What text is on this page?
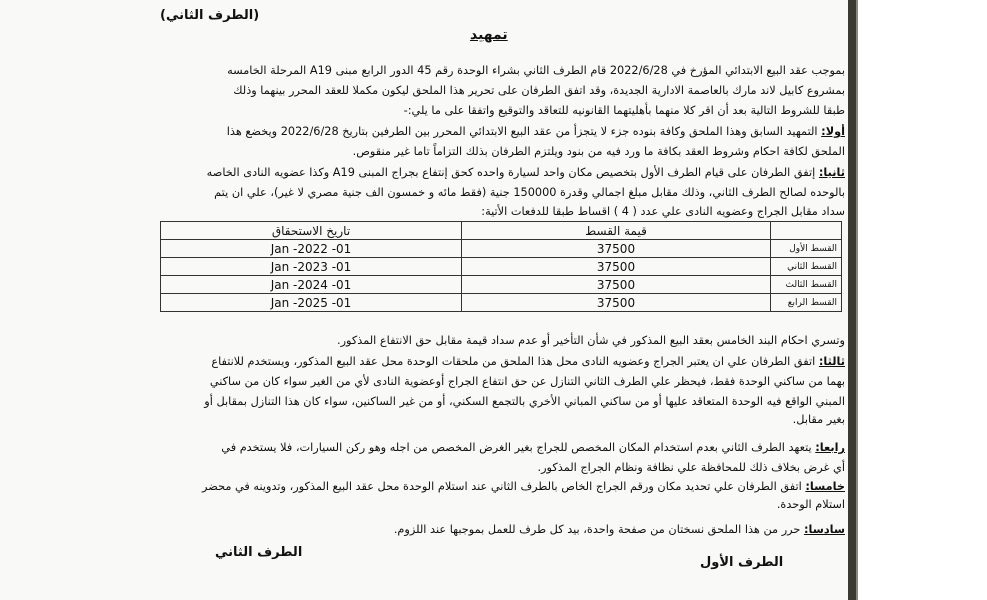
(الطرف الثاني)
تمهيد
بموجب عقد البيع الابتدائي المؤرخ في 2022/6/28 قام الطرف الثاني بشراء الوحدة رقم 45 الدور الرابع مبنى A19 المرحلة الخامسه
بمشروع كابيل لاند مارك بالعاصمة الادارية الجديدة، وقد اتفق الطرفان على تحرير هذا الملحق ليكون مكملا للعقد المحرر بينهما وذلك
طبقا للشروط التالية بعد أن اقر كلا منهما بأهليتهما القانونيه للتعاقد والتوقيع واتفقا على ما يلي:-
أولا: التمهيد السابق وهذا الملحق وكافة بنوده جزء لا يتجزأ من عقد البيع الابتدائي المحرر بين الطرفين بتاريخ 2022/6/28 ويخضع هذا
الملحق لكافة احكام وشروط العقد بكافة ما ورد فيه من بنود ويلتزم الطرفان بذلك التزاماً تاما غير منقوص.
ثانيا: إتفق الطرفان على قيام الطرف الأول بتخصيص مكان واحد لسيارة واحده كحق إنتفاع بجراج المبنى A19 وكذا عضويه النادى الخاصه
بالوحده لصالح الطرف الثاني، وذلك مقابل مبلغ اجمالي وقدرة 150000 جنية (فقط مائه و خمسون الف جنية مصري لا غير)، علي ان يتم
سداد مقابل الجراج وعضويه النادى علي عدد ( 4 ) اقساط طبقا للدفعات الأتية:
	قيمة القسط	تاريخ الاستحقاق
القسط الأول	37500	01- Jan -2022
القسط الثاني	37500	01- Jan -2023
القسط الثالث	37500	01- Jan -2024
القسط الرابع	37500	01- Jan -2025
وتسري احكام البند الخامس بعقد البيع المذكور في شأن التأخير أو عدم سداد قيمة مقابل حق الانتفاع المذكور.
ثالثا: اتفق الطرفان علي ان يعتبر الجراج وعضويه النادى محل هذا الملحق من ملحقات الوحدة محل عقد البيع المذكور، ويستخدم للانتفاع
بهما من ساكني الوحدة فقط، فيحظر علي الطرف الثاني التنازل عن حق انتفاع الجراج أوعضوية النادى لأي من الغير سواء كان من ساكني
المبني الواقع فيه الوحدة المتعاقد عليها أو من ساكني المباني الأخري بالتجمع السكني، أو من غير الساكنين، سواء كان هذا التنازل بمقابل أو
بغير مقابل.
رابعا: يتعهد الطرف الثاني بعدم استخدام المكان المخصص للجراج بغير الغرض المخصص من اجله وهو ركن السيارات، فلا يستخدم في
أي غرض بخلاف ذلك للمحافظة علي نظافة ونظام الجراج المذكور.
خامسا: اتفق الطرفان علي تحديد مكان ورقم الجراج الخاص بالطرف الثاني عند استلام الوحدة محل عقد البيع المذكور، وتدوينه في محضر
استلام الوحدة.
سادسا: حرر من هذا الملحق نسختان من صفحة واحدة، بيد كل طرف للعمل بموجبها عند اللزوم.
الطرف الثاني
الطرف الأول
